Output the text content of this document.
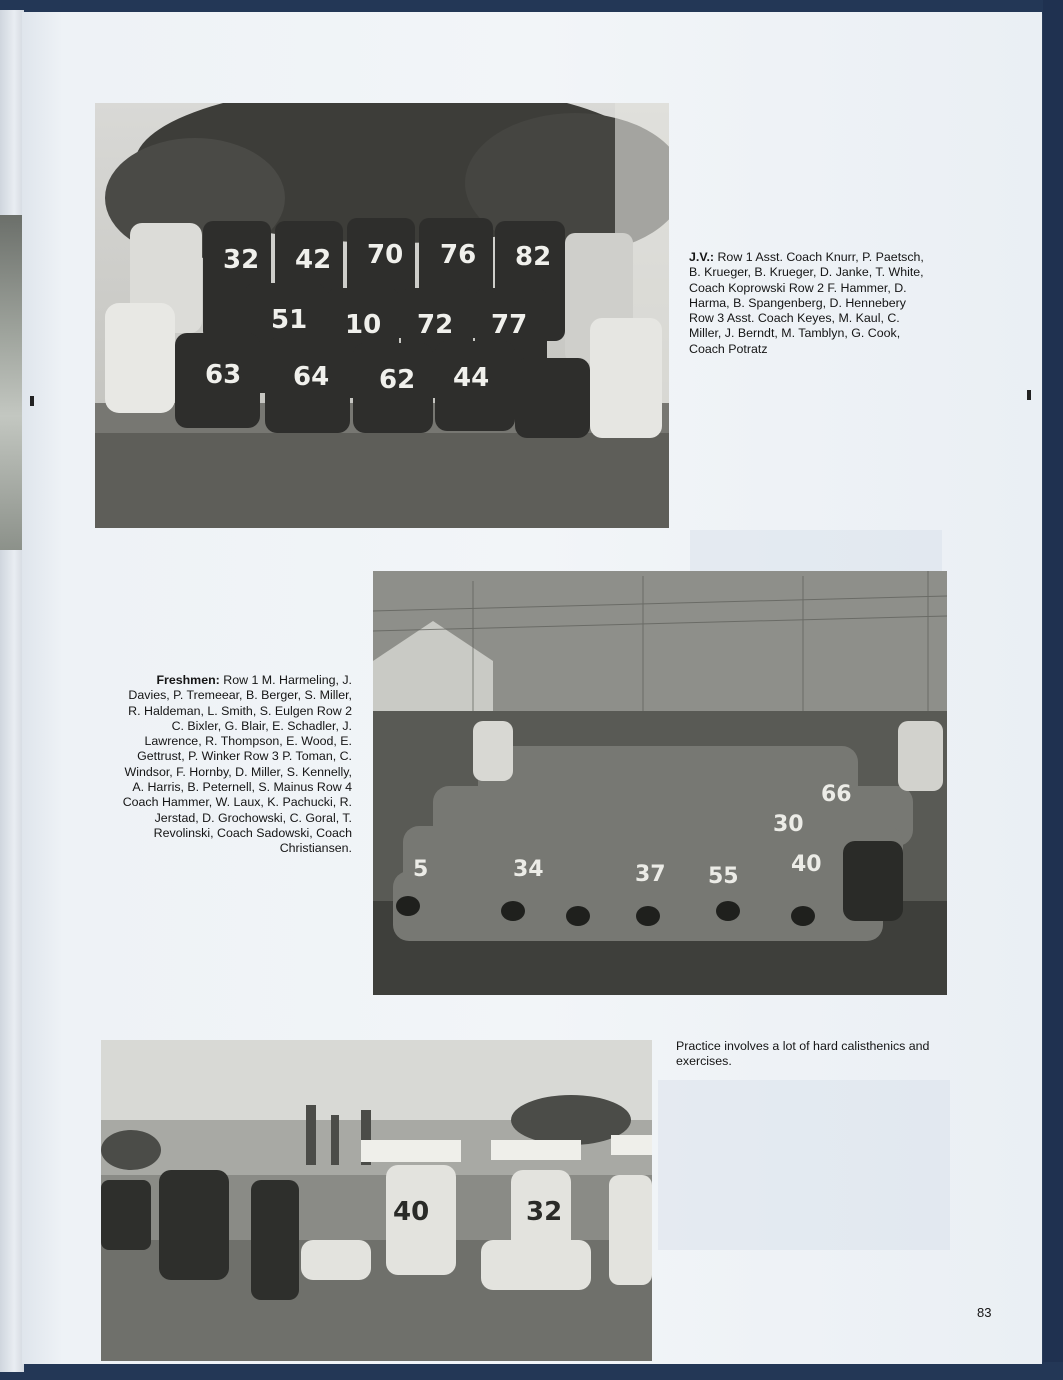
32 42 70 76 82
51 10 72 77
63 64 62 44

J.V.: Row 1 Asst. Coach Knurr, P. Paetsch, B. Krueger, B. Krueger, D. Janke, T. White, Coach Koprowski Row 2 F. Hammer, D. Harma, B. Spangenberg, D. Hennebery Row 3 Asst. Coach Keyes, M. Kaul, C. Miller, J. Berndt, M. Tamblyn, G. Cook, Coach Potratz

66
30
5	34	37 55 40

Freshmen: Row 1 M. Harmeling, J. Davies, P. Tremeear, B. Berger, S. Miller, R. Haldeman, L. Smith, S. Eulgen Row 2 C. Bixler, G. Blair, E. Schadler, J. Lawrence, R. Thompson, E. Wood, E. Gettrust, P. Winker Row 3 P. Toman, C. Windsor, F. Hornby, D. Miller, S. Kennelly, A. Harris, B. Peternell, S. Mainus Row 4 Coach Hammer, W. Laux, K. Pachucki, R. Jerstad, D. Grochowski, C. Goral, T. Revolinski, Coach Sadowski, Coach Christiansen.

40	32

Practice involves a lot of hard calisthenics and exercises.

83
